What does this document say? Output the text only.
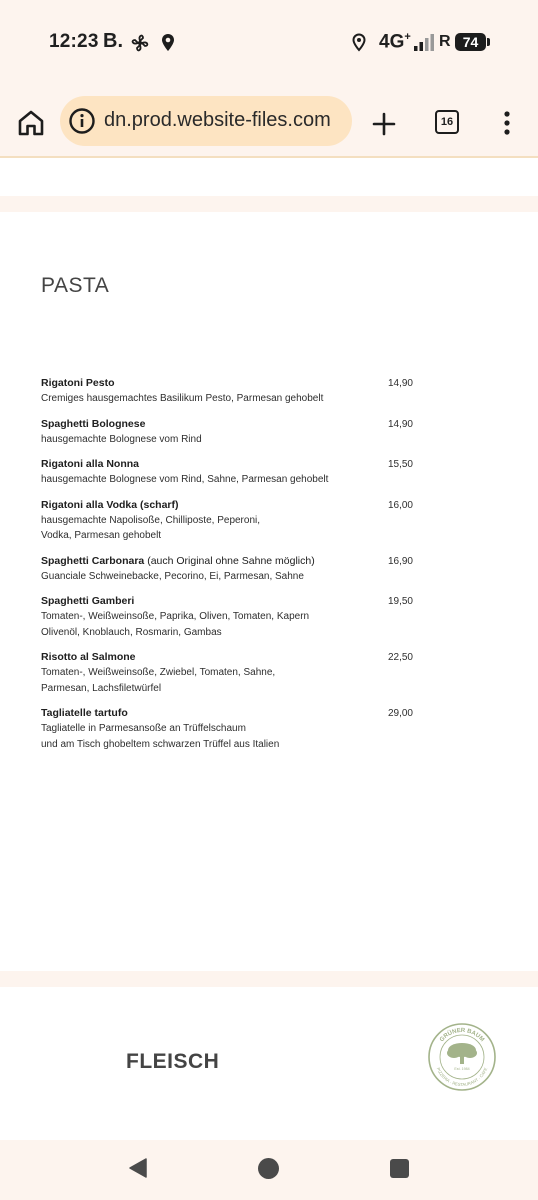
12:23 B.	4G+ R 74
dn.prod.website-files.com	16
PASTA
Rigatoni Pesto	14,90
Cremiges hausgemachtes Basilikum Pesto, Parmesan gehobelt
Spaghetti Bolognese	14,90
hausgemachte Bolognese vom Rind
Rigatoni alla Nonna	15,50
hausgemachte Bolognese vom Rind, Sahne, Parmesan gehobelt
Rigatoni alla Vodka (scharf)	16,00
hausgemachte Napolisoße, Chilliposte, Peperoni,
Vodka, Parmesan gehobelt
Spaghetti Carbonara (auch Original ohne Sahne möglich)	16,90
Guanciale Schweinebacke, Pecorino, Ei, Parmesan, Sahne
Spaghetti Gamberi	19,50
Tomaten-, Weißweinsoße, Paprika, Oliven, Tomaten, Kapern
Olivenöl, Knoblauch, Rosmarin, Gambas
Risotto al Salmone	22,50
Tomaten-, Weißweinsoße, Zwiebel, Tomaten, Sahne,
Parmesan, Lachsfiletwürfel
Tagliatelle tartufo	29,00
Tagliatelle in Parmesansoße an Trüffelschaum
und am Tisch ghobeltem schwarzen Trüffel aus Italien
FLEISCH
GRÜNER BAUM
PIZZERIA · RESTAURANT · CAFE
Est. 1984
